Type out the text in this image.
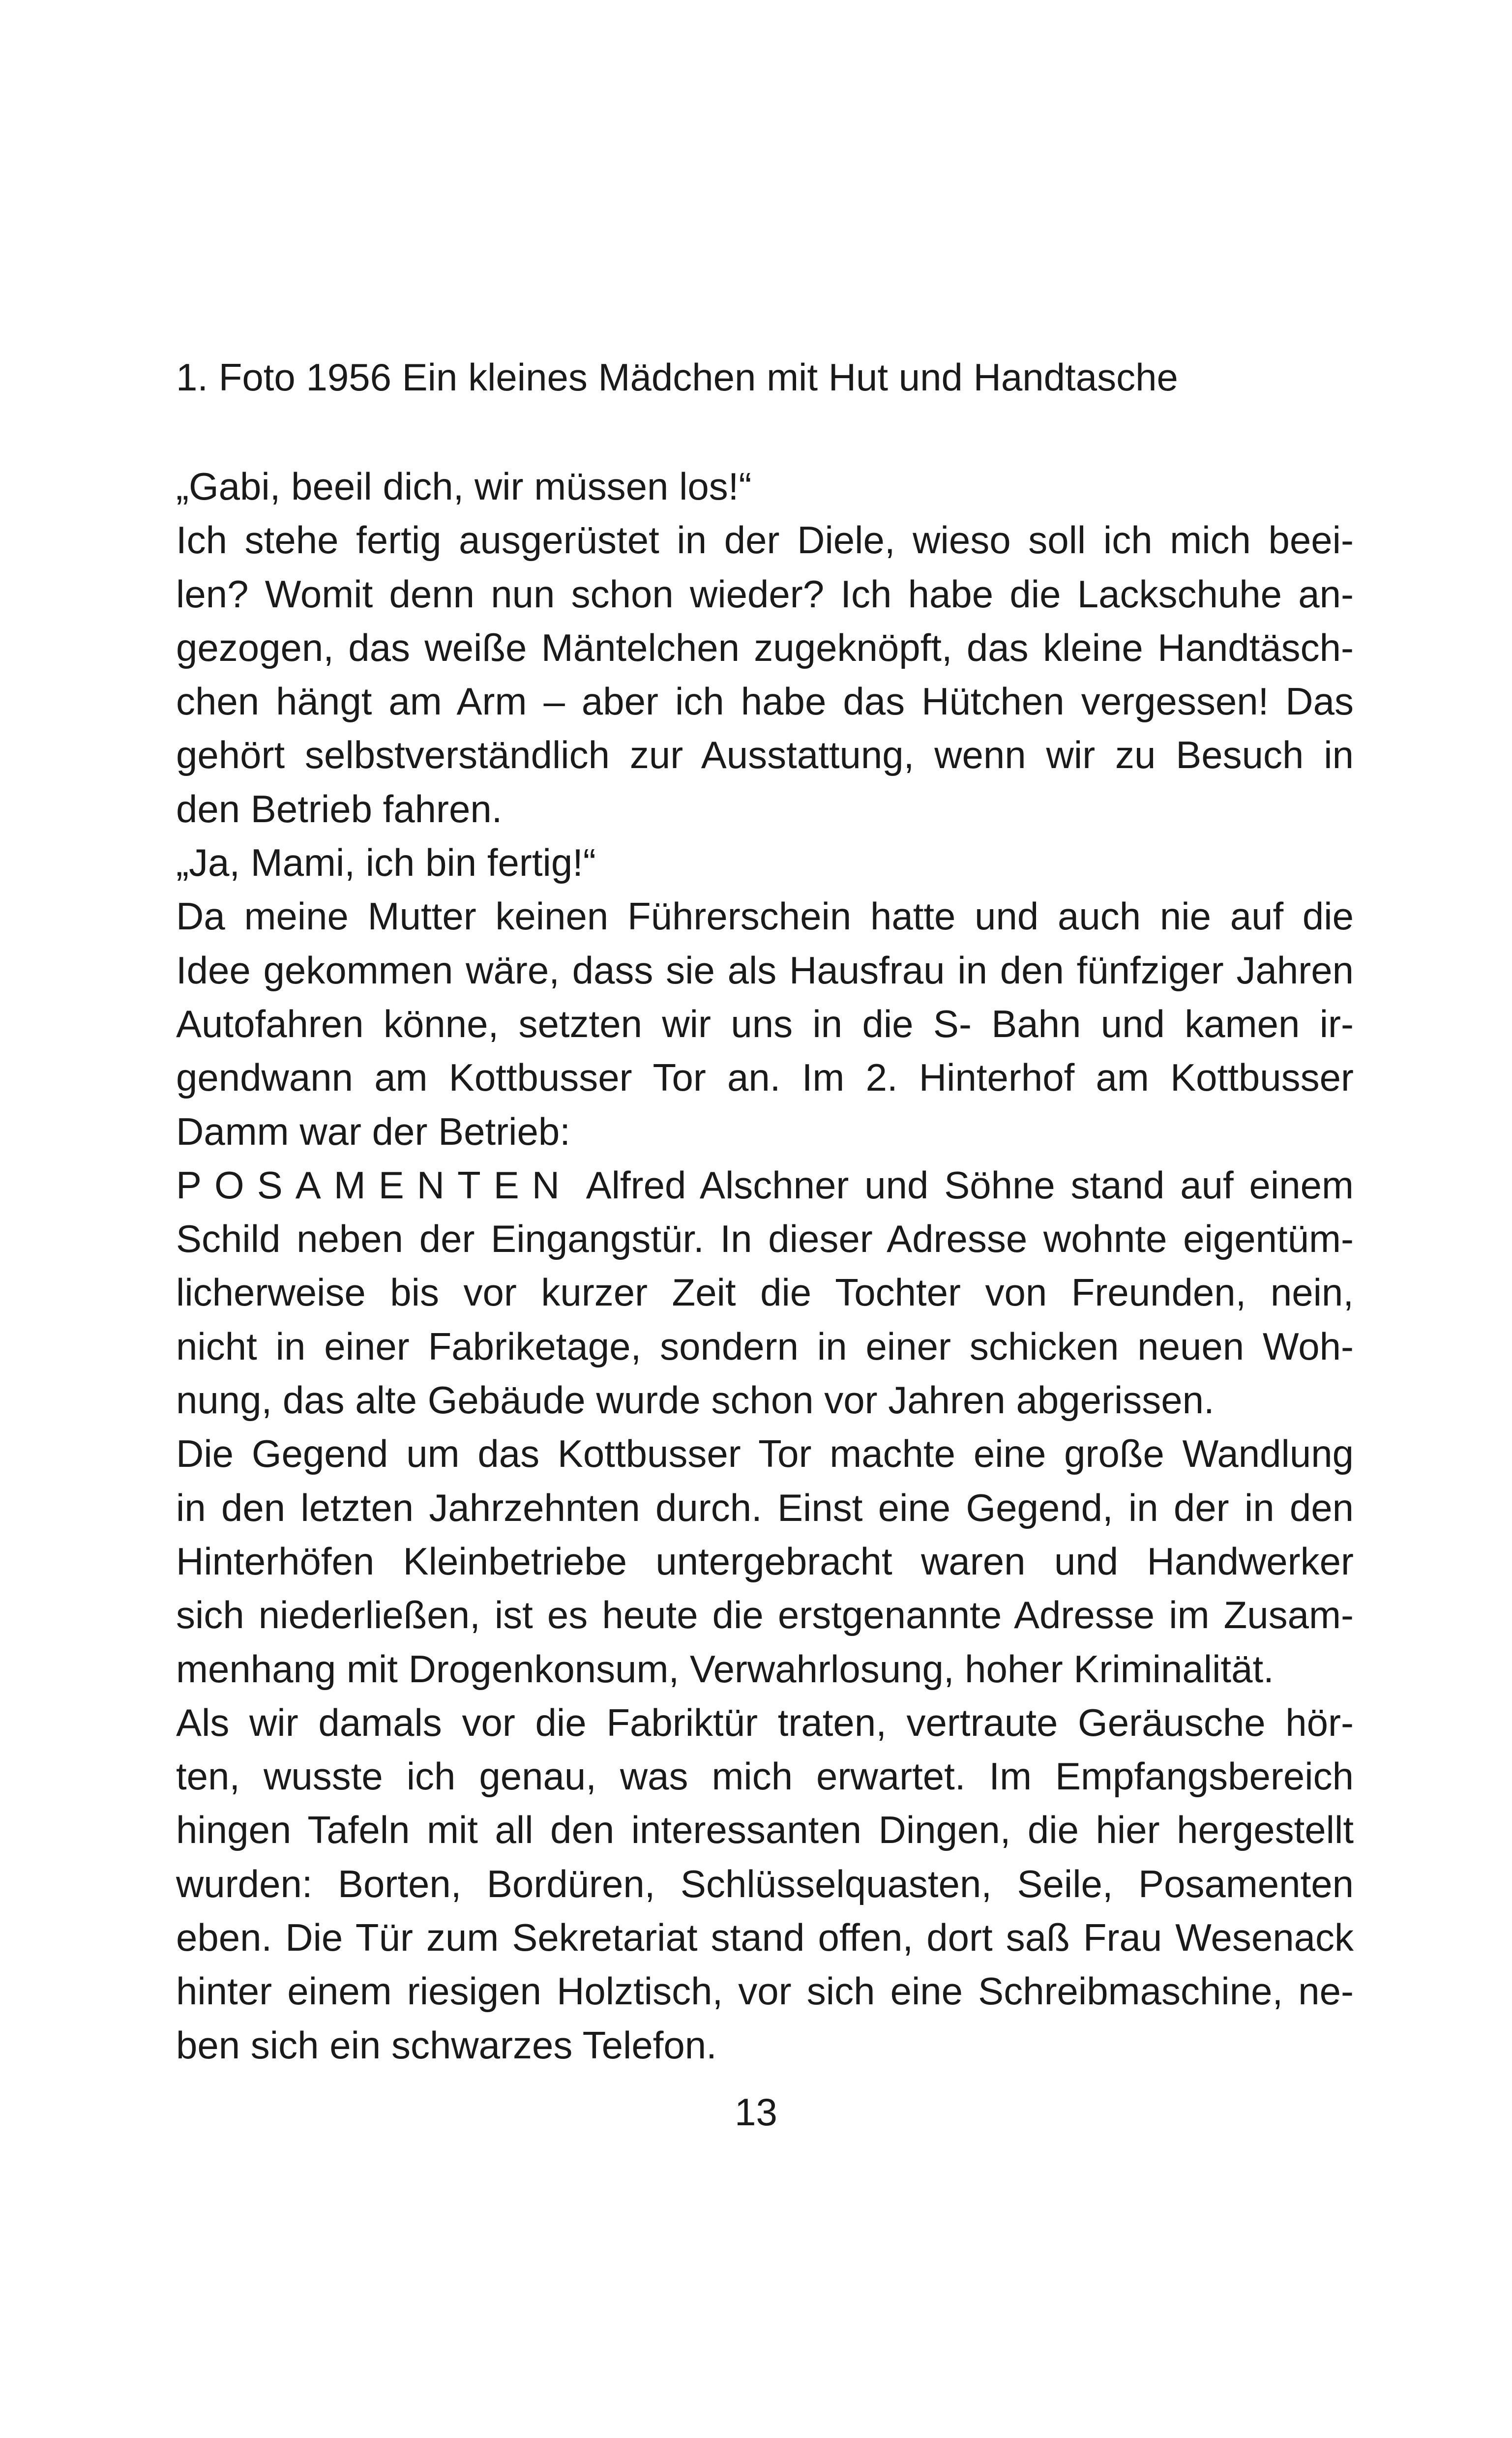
1. Foto 1956 Ein kleines Mädchen mit Hut und Handtasche
„Gabi, beeil dich, wir müssen los!“
Ich stehe fertig ausgerüstet in der Diele, wieso soll ich mich beei-
len? Womit denn nun schon wieder? Ich habe die Lackschuhe an-
gezogen, das weiße Mäntelchen zugeknöpft, das kleine Handtäsch-
chen hängt am Arm – aber ich habe das Hütchen vergessen! Das
gehört selbstverständlich zur Ausstattung, wenn wir zu Besuch in
den Betrieb fahren.
„Ja, Mami, ich bin fertig!“
Da meine Mutter keinen Führerschein hatte und auch nie auf die
Idee gekommen wäre, dass sie als Hausfrau in den fünfziger Jahren
Autofahren könne, setzten wir uns in die S- Bahn und kamen ir-
gendwann am Kottbusser Tor an. Im 2. Hinterhof am Kottbusser
Damm war der Betrieb:
POSAMENTEN Alfred Alschner und Söhne stand auf einem
Schild neben der Eingangstür. In dieser Adresse wohnte eigentüm-
licherweise bis vor kurzer Zeit die Tochter von Freunden, nein,
nicht in einer Fabriketage, sondern in einer schicken neuen Woh-
nung, das alte Gebäude wurde schon vor Jahren abgerissen.
Die Gegend um das Kottbusser Tor machte eine große Wandlung
in den letzten Jahrzehnten durch. Einst eine Gegend, in der in den
Hinterhöfen Kleinbetriebe untergebracht waren und Handwerker
sich niederließen, ist es heute die erstgenannte Adresse im Zusam-
menhang mit Drogenkonsum, Verwahrlosung, hoher Kriminalität.
Als wir damals vor die Fabriktür traten, vertraute Geräusche hör-
ten, wusste ich genau, was mich erwartet. Im Empfangsbereich
hingen Tafeln mit all den interessanten Dingen, die hier hergestellt
wurden: Borten, Bordüren, Schlüsselquasten, Seile, Posamenten
eben. Die Tür zum Sekretariat stand offen, dort saß Frau Wesenack
hinter einem riesigen Holztisch, vor sich eine Schreibmaschine, ne-
ben sich ein schwarzes Telefon.
13
